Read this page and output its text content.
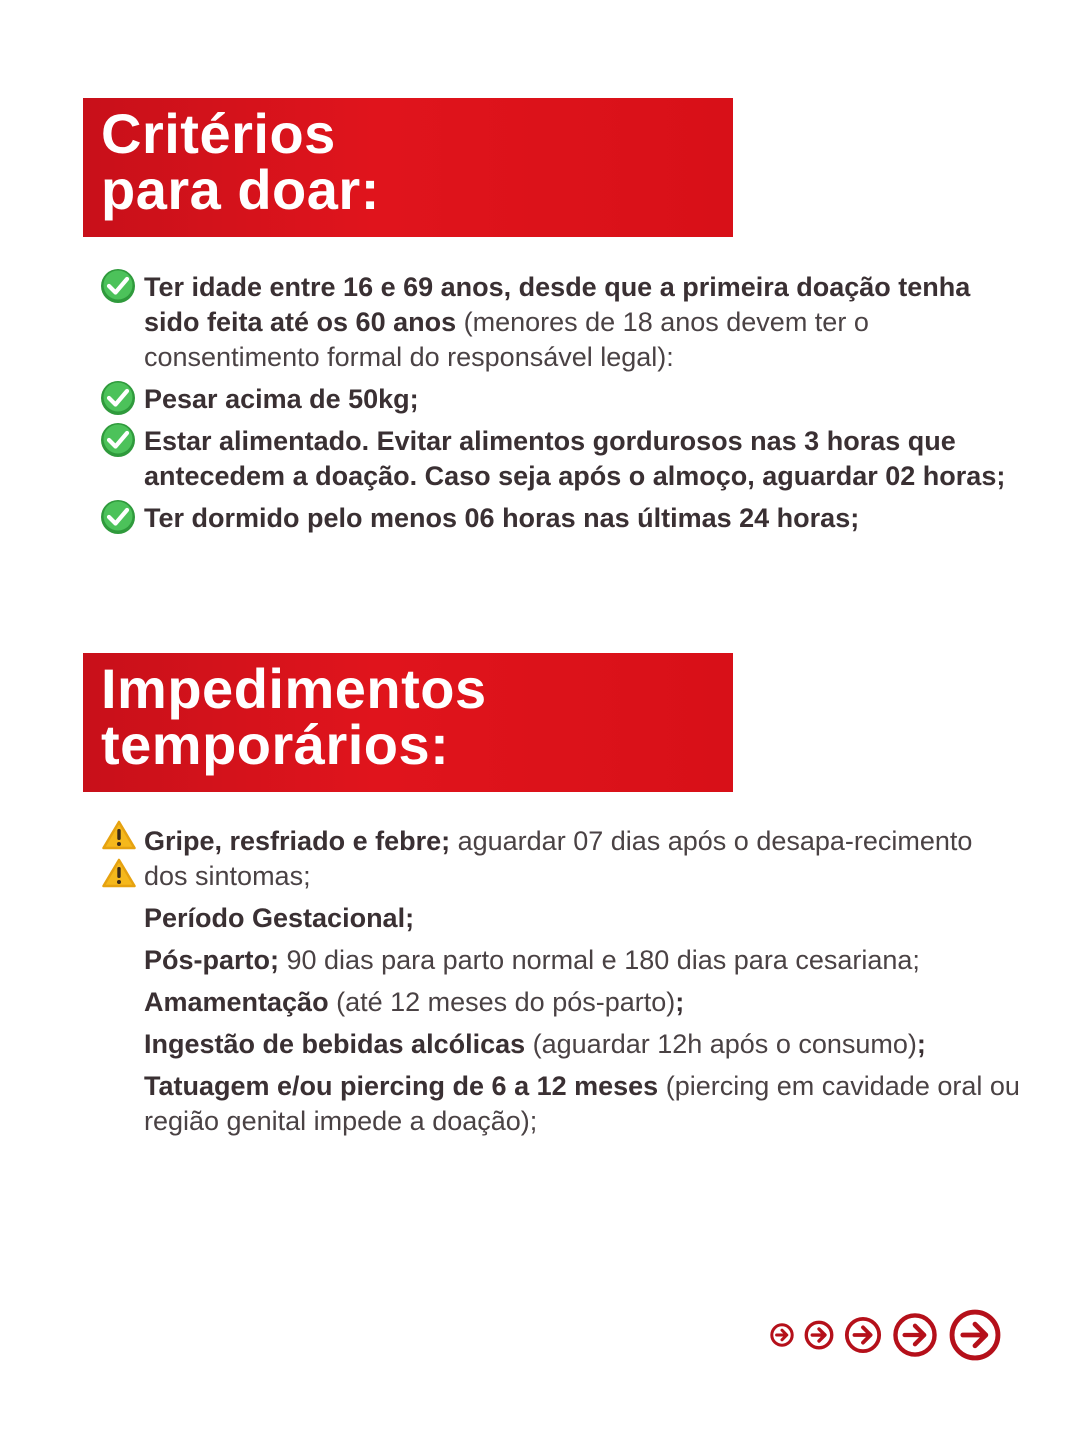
Critérios
para doar:
Ter idade entre 16 e 69 anos, desde que a primeira doação tenha sido feita até os 60 anos (menores de 18 anos devem ter o consentimento formal do responsável legal):
Pesar acima de 50kg;
Estar alimentado. Evitar alimentos gordurosos nas 3 horas que antecedem a doação. Caso seja após o almoço, aguardar 02 horas;
Ter dormido pelo menos 06 horas nas últimas 24 horas;
Impedimentos
temporários:
Gripe, resfriado e febre; aguardar 07 dias após o desapa-recimento dos sintomas;
Período Gestacional;
Pós-parto; 90 dias para parto normal e 180 dias para cesariana;
Amamentação (até 12 meses do pós-parto);
Ingestão de bebidas alcólicas (aguardar 12h após o consumo);
Tatuagem e/ou piercing de 6 a 12 meses (piercing em cavidade oral ou região genital impede a doação);
